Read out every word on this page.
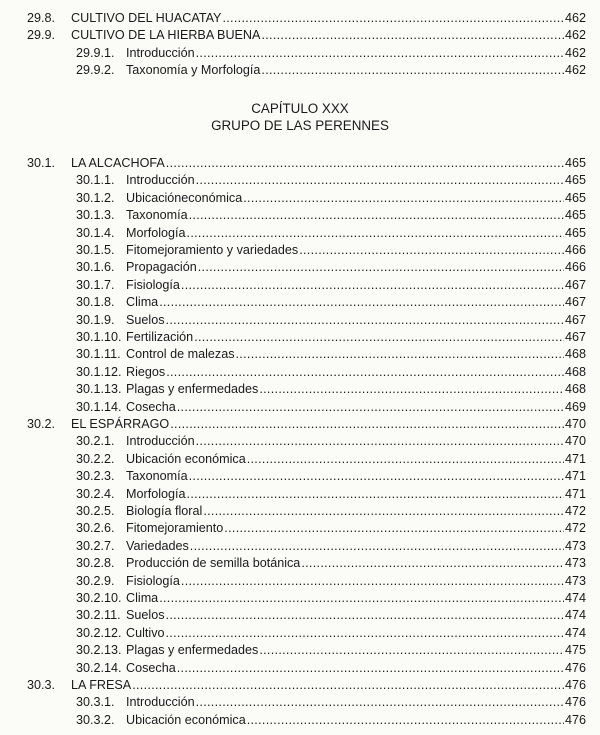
29.8.	CULTIVO DEL HUACATAY .....	462
29.9.	CULTIVO DE LA HIERBA BUENA .....	462
29.9.1. Introducción .....	462
29.9.2. Taxonomía y Morfología .....	462
CAPÍTULO XXX
GRUPO DE LAS PERENNES
30.1.	LA ALCACHOFA .....	465
30.1.1. Introducción .....	465
30.1.2. Ubicacióneconómica .....	465
30.1.3. Taxonomía .....	465
30.1.4. Morfología .....	465
30.1.5. Fitomejoramiento y variedades .....	466
30.1.6. Propagación .....	466
30.1.7. Fisiología .....	467
30.1.8. Clima .....	467
30.1.9. Suelos .....	467
30.1.10. Fertilización .....	467
30.1.11. Control de malezas .....	468
30.1.12. Riegos .....	468
30.1.13. Plagas y enfermedades .....	468
30.1.14. Cosecha .....	469
30.2.	EL ESPÁRRAGO .....	470
30.2.1. Introducción .....	470
30.2.2. Ubicación económica .....	471
30.2.3. Taxonomía .....	471
30.2.4. Morfología .....	471
30.2.5. Biología floral .....	472
30.2.6. Fitomejoramiento .....	472
30.2.7. Variedades .....	473
30.2.8. Producción de semilla botánica .....	473
30.2.9. Fisiología .....	473
30.2.10. Clima .....	474
30.2.11. Suelos .....	474
30.2.12. Cultivo .....	474
30.2.13. Plagas y enfermedades .....	475
30.2.14. Cosecha .....	476
30.3.	LA FRESA .....	476
30.3.1. Introducción .....	476
30.3.2. Ubicación económica .....	476
